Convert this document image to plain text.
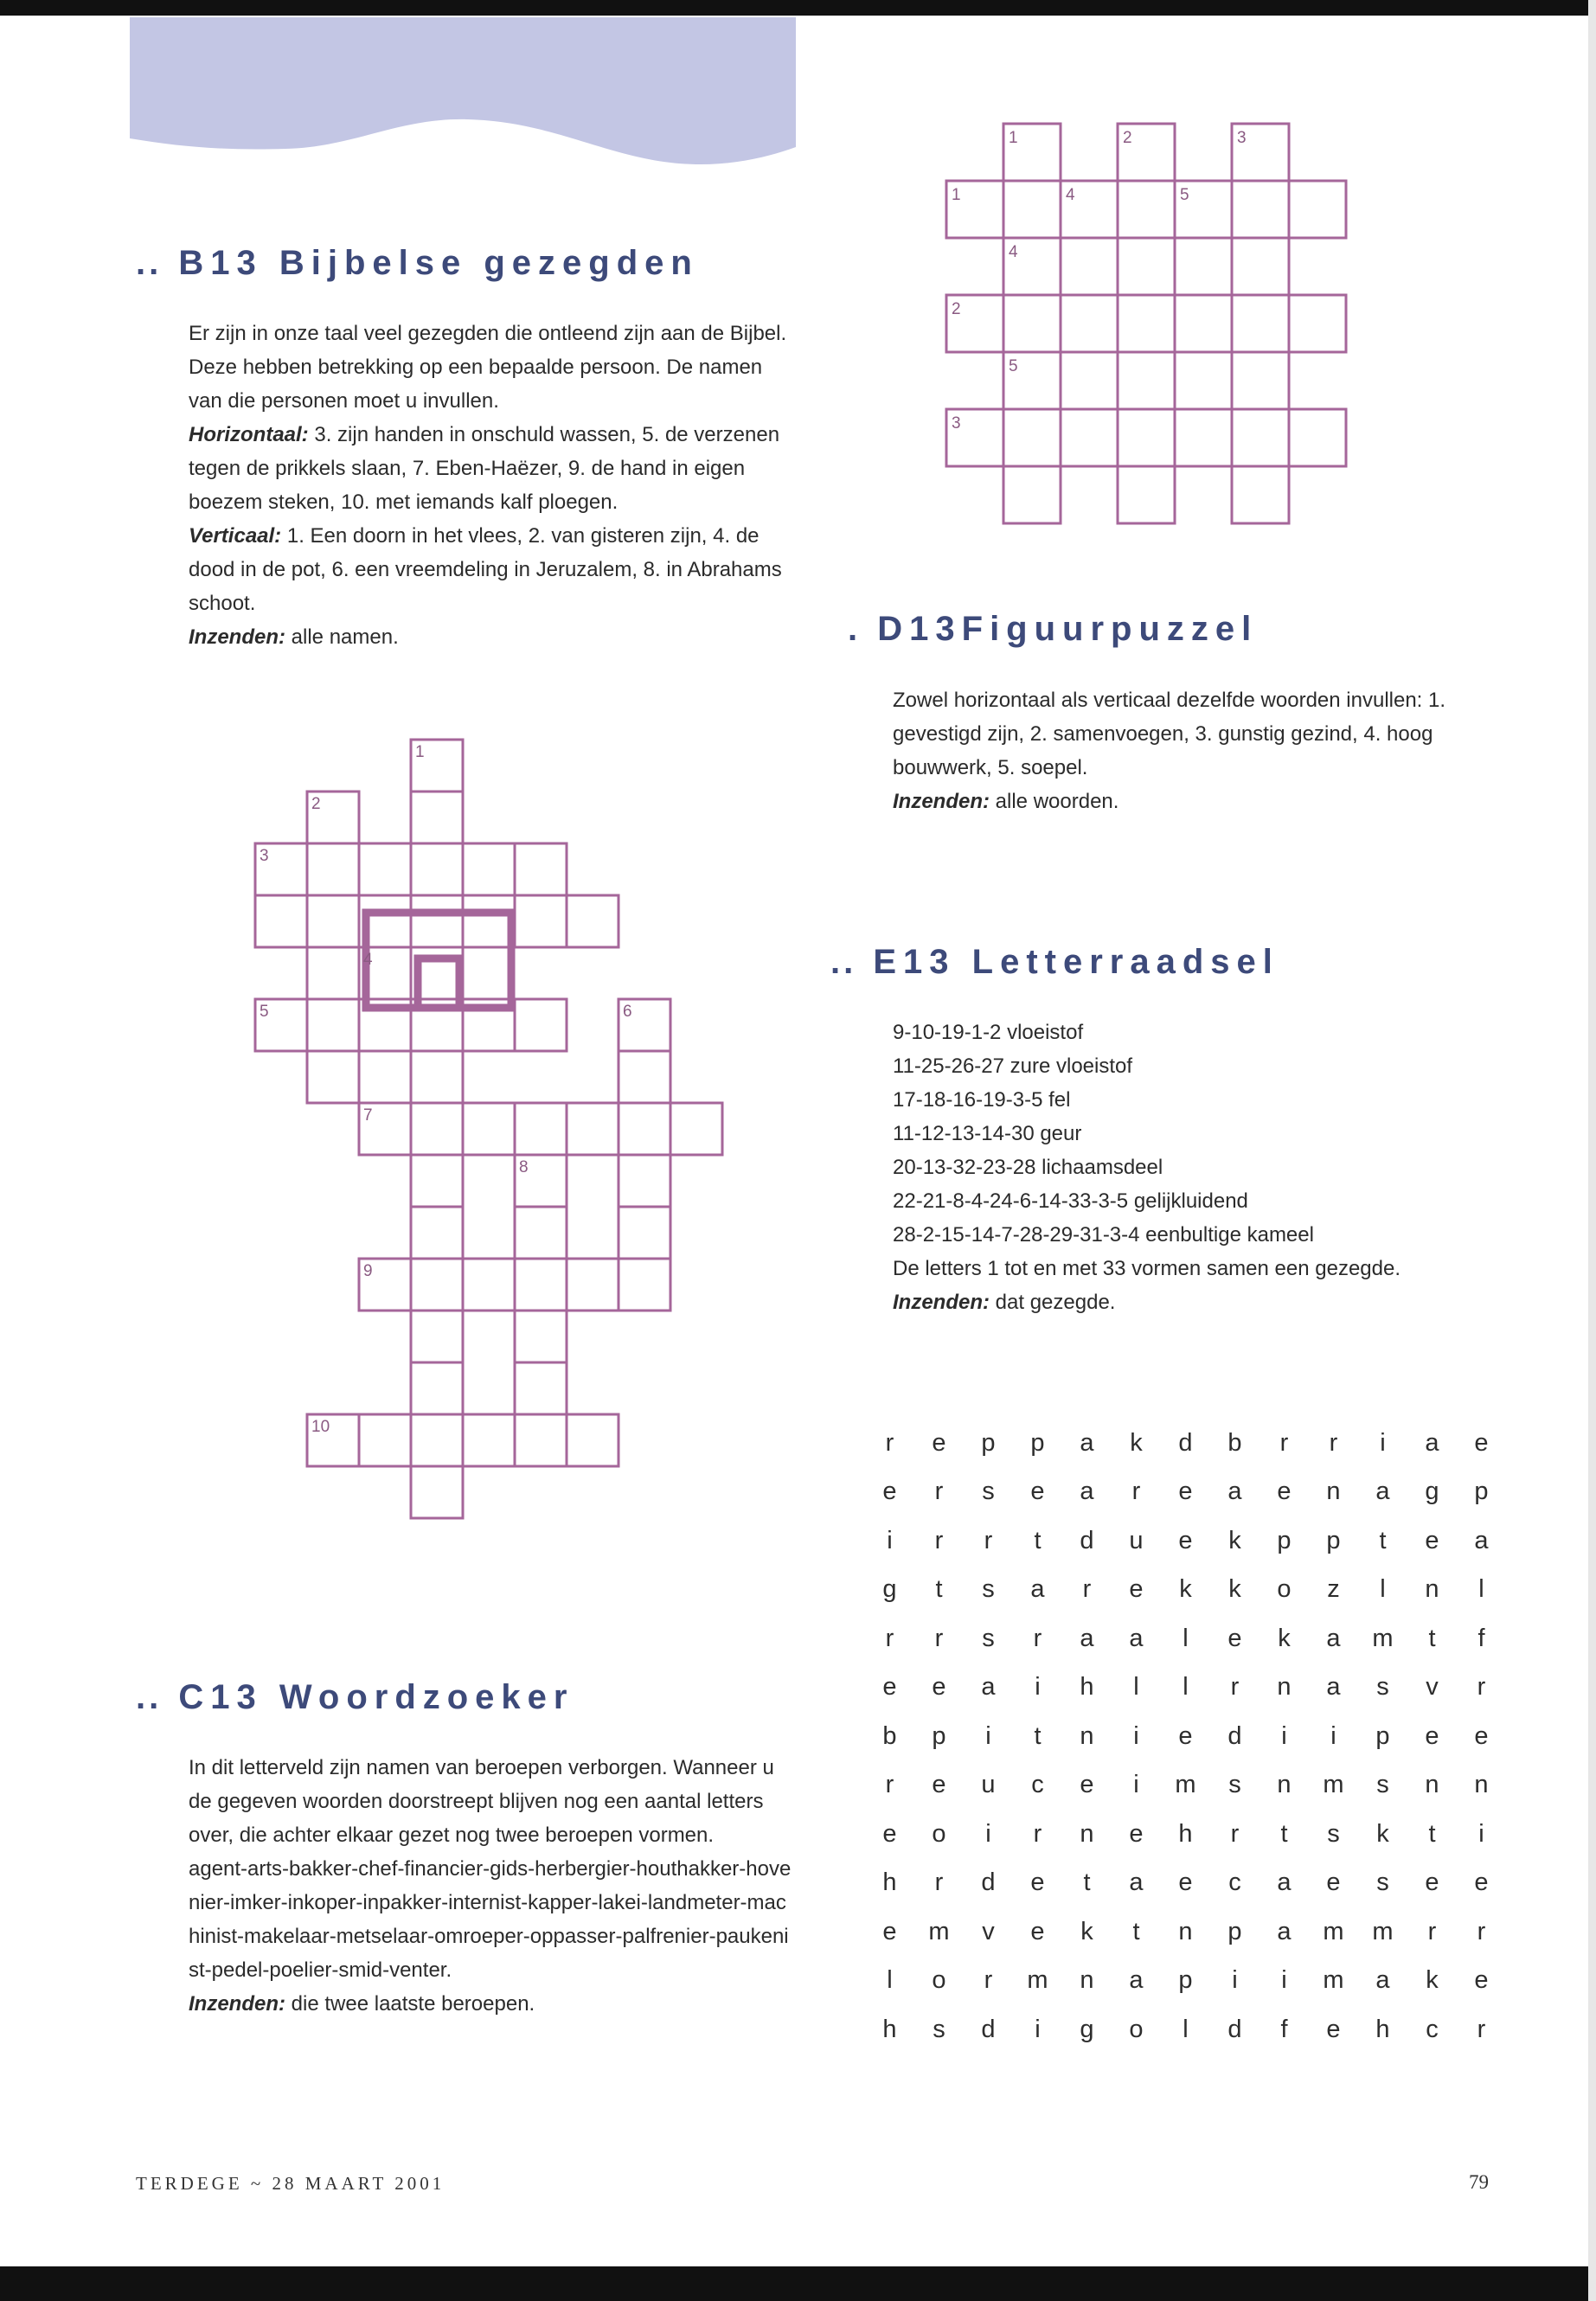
.. B13 Bijbelse gezegden

Er zijn in onze taal veel gezegden die ontleend zijn aan de Bijbel. Deze hebben betrekking op een bepaalde persoon. De namen van die personen moet u invullen.

Horizontaal: 3. zijn handen in onschuld wassen, 5. de verzenen tegen de prikkels slaan, 7. Eben-Haëzer, 9. de hand in eigen boezem steken, 10. met iemands kalf ploegen.

Verticaal: 1. Een doorn in het vlees, 2. van gisteren zijn, 4. de dood in de pot, 6. een vreemdeling in Jeruzalem, 8. in Abrahams schoot.

Inzenden: alle namen.

1
2
3
4
5	6
7
8
9
10
.. C13 Woordzoeker

In dit letterveld zijn namen van beroepen verborgen. Wanneer u de gegeven woorden doorstreept blijven nog een aantal letters over, die achter elkaar gezet nog twee beroepen vormen.

agent-arts-bakker-chef-financier-gids-herbergier-houthakker-hovenier-imker-inkoper-inpakker-internist-kapper-lakei-landmeter-machinist-makelaar-metselaar-omroeper-oppasser-palfrenier-paukenist-pedel-poelier-smid-venter.

Inzenden: die twee laatste beroepen.

1	2	3
1	4	5
4
2
5
3
. D13Figuurpuzzel

Zowel horizontaal als verticaal dezelfde woorden invullen: 1. gevestigd zijn, 2. samenvoegen, 3. gunstig gezind, 4. hoog bouwwerk, 5. soepel.

Inzenden: alle woorden.

.. E13 Letterraadsel

9-10-19-1-2 vloeistof

11-25-26-27 zure vloeistof

17-18-16-19-3-5 fel

11-12-13-14-30 geur

20-13-32-23-28 lichaamsdeel

22-21-8-4-24-6-14-33-3-5 gelijkluidend

28-2-15-14-7-28-29-31-3-4 eenbultige kameel

De letters 1 tot en met 33 vormen samen een gezegde.

Inzenden: dat gezegde.

r	e	p	p	a	k	d	b	r	r	i	a	e
e	r	s	e	a	r	e	a	e	n	a	g	p
i	r	r	t	d	u	e	k	p	p	t	e	a
g	t	s	a	r	e	k	k	o	z	l	n	l
r	r	s	r	a	a	l	e	k	a	m	t	f
e	e	a	i	h	l	l	r	n	a	s	v	r
b	p	i	t	n	i	e	d	i	i	p	e	e
r	e	u	c	e	i	m	s	n	m	s	n	n
e	o	i	r	n	e	h	r	t	s	k	t	i
h	r	d	e	t	a	e	c	a	e	s	e	e
e	m	v	e	k	t	n	p	a	m	m	r	r
l	o	r	m	n	a	p	i	i	m	a	k	e
h	s	d	i	g	o	l	d	f	e	h	c	r
TERDEGE ~ 28 MAART 2001	79
